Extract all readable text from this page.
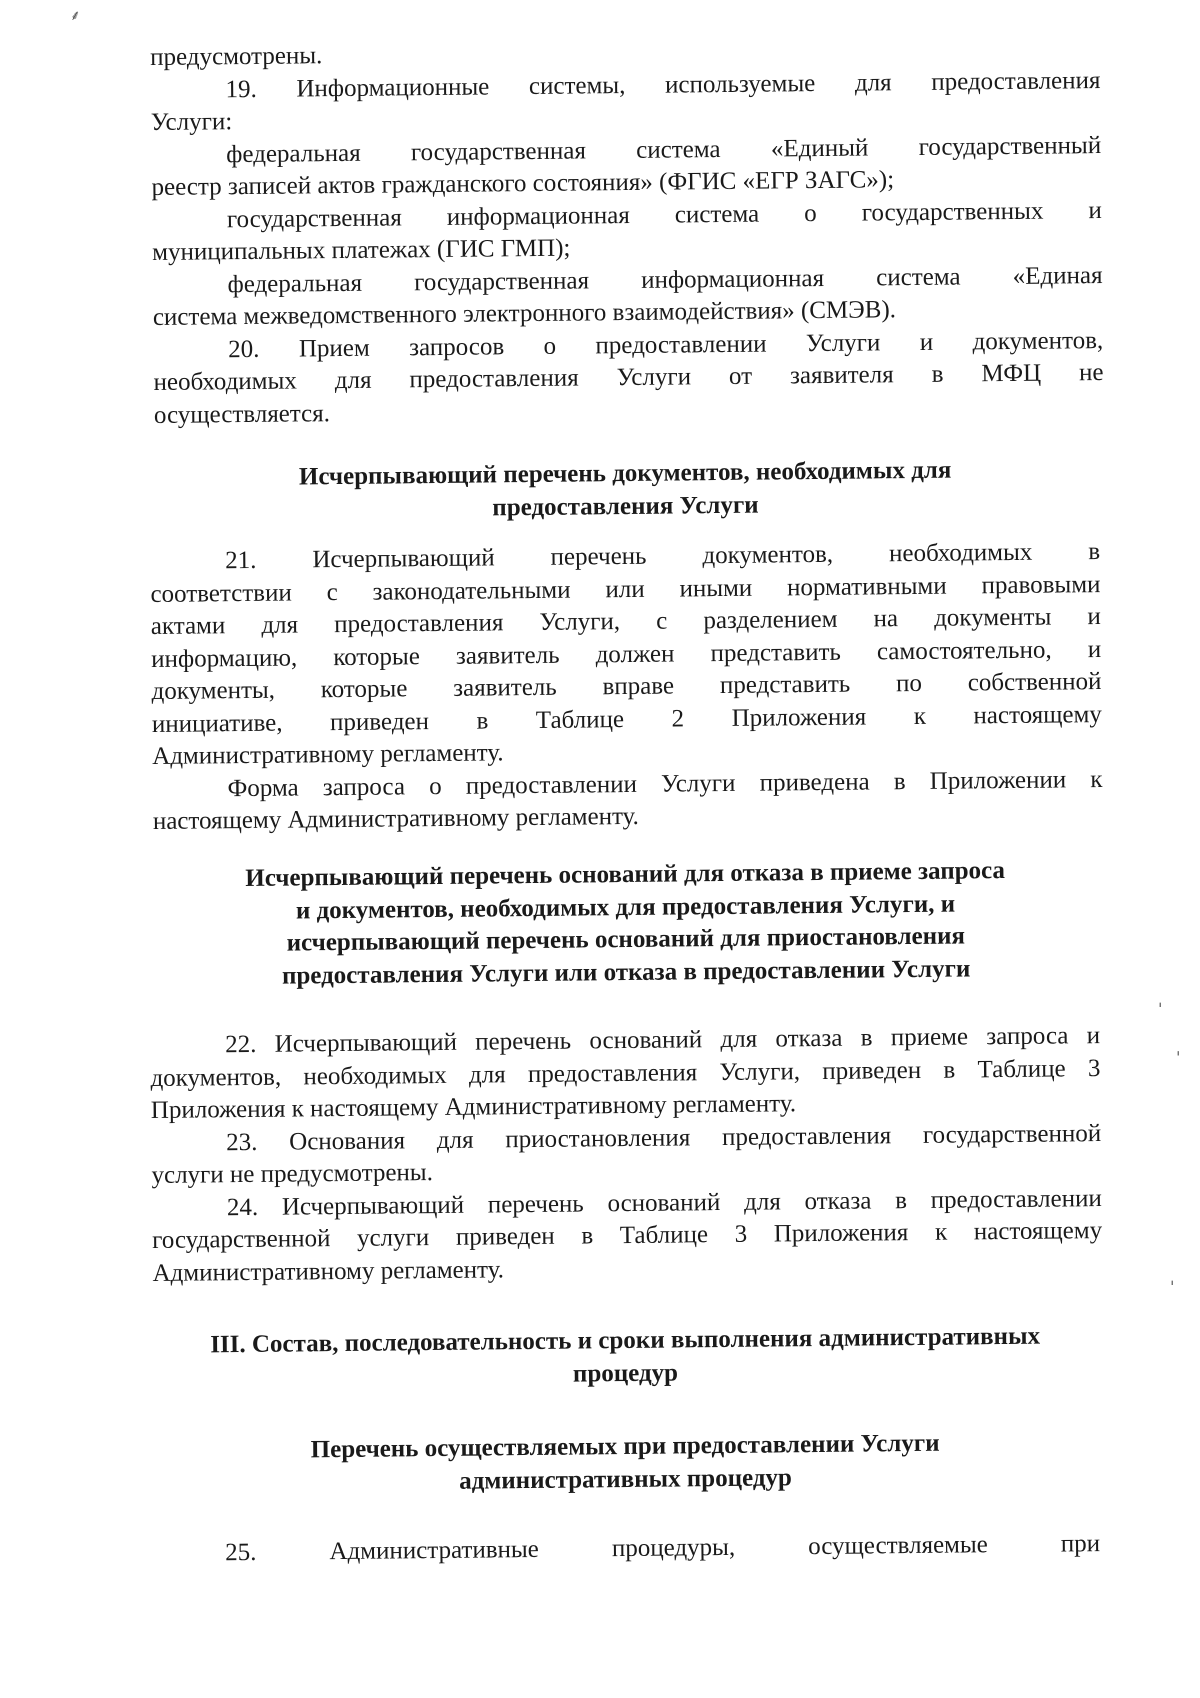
⸙
ˈ
ˌ
ˈ
предусмотрены.
19. Информационные системы, используемые для предоставления
Услуги:
федеральная государственная система «Единый государственный
реестр записей актов гражданского состояния» (ФГИС «ЕГР ЗАГС»);
государственная информационная система о государственных и
муниципальных платежах (ГИС ГМП);
федеральная государственная информационная система «Единая
система межведомственного электронного взаимодействия» (СМЭВ).
20. Прием запросов о предоставлении Услуги и документов,
необходимых для предоставления Услуги от заявителя в МФЦ не
осуществляется.
Исчерпывающий перечень документов, необходимых для
предоставления Услуги
21. Исчерпывающий перечень документов, необходимых в
соответствии с законодательными или иными нормативными правовыми
актами для предоставления Услуги, с разделением на документы и
информацию, которые заявитель должен представить самостоятельно, и
документы, которые заявитель вправе представить по собственной
инициативе, приведен в Таблице 2 Приложения к настоящему
Административному регламенту.
Форма запроса о предоставлении Услуги приведена в Приложении к
настоящему Административному регламенту.
Исчерпывающий перечень оснований для отказа в приеме запроса
и документов, необходимых для предоставления Услуги, и
исчерпывающий перечень оснований для приостановления
предоставления Услуги или отказа в предоставлении Услуги
22. Исчерпывающий перечень оснований для отказа в приеме запроса и
документов, необходимых для предоставления Услуги, приведен в Таблице 3
Приложения к настоящему Административному регламенту.
23. Основания для приостановления предоставления государственной
услуги не предусмотрены.
24. Исчерпывающий перечень оснований для отказа в предоставлении
государственной услуги приведен в Таблице 3 Приложения к настоящему
Административному регламенту.
III. Состав, последовательность и сроки выполнения административных
процедур
Перечень осуществляемых при предоставлении Услуги
административных процедур
25. Административные процедуры, осуществляемые при
